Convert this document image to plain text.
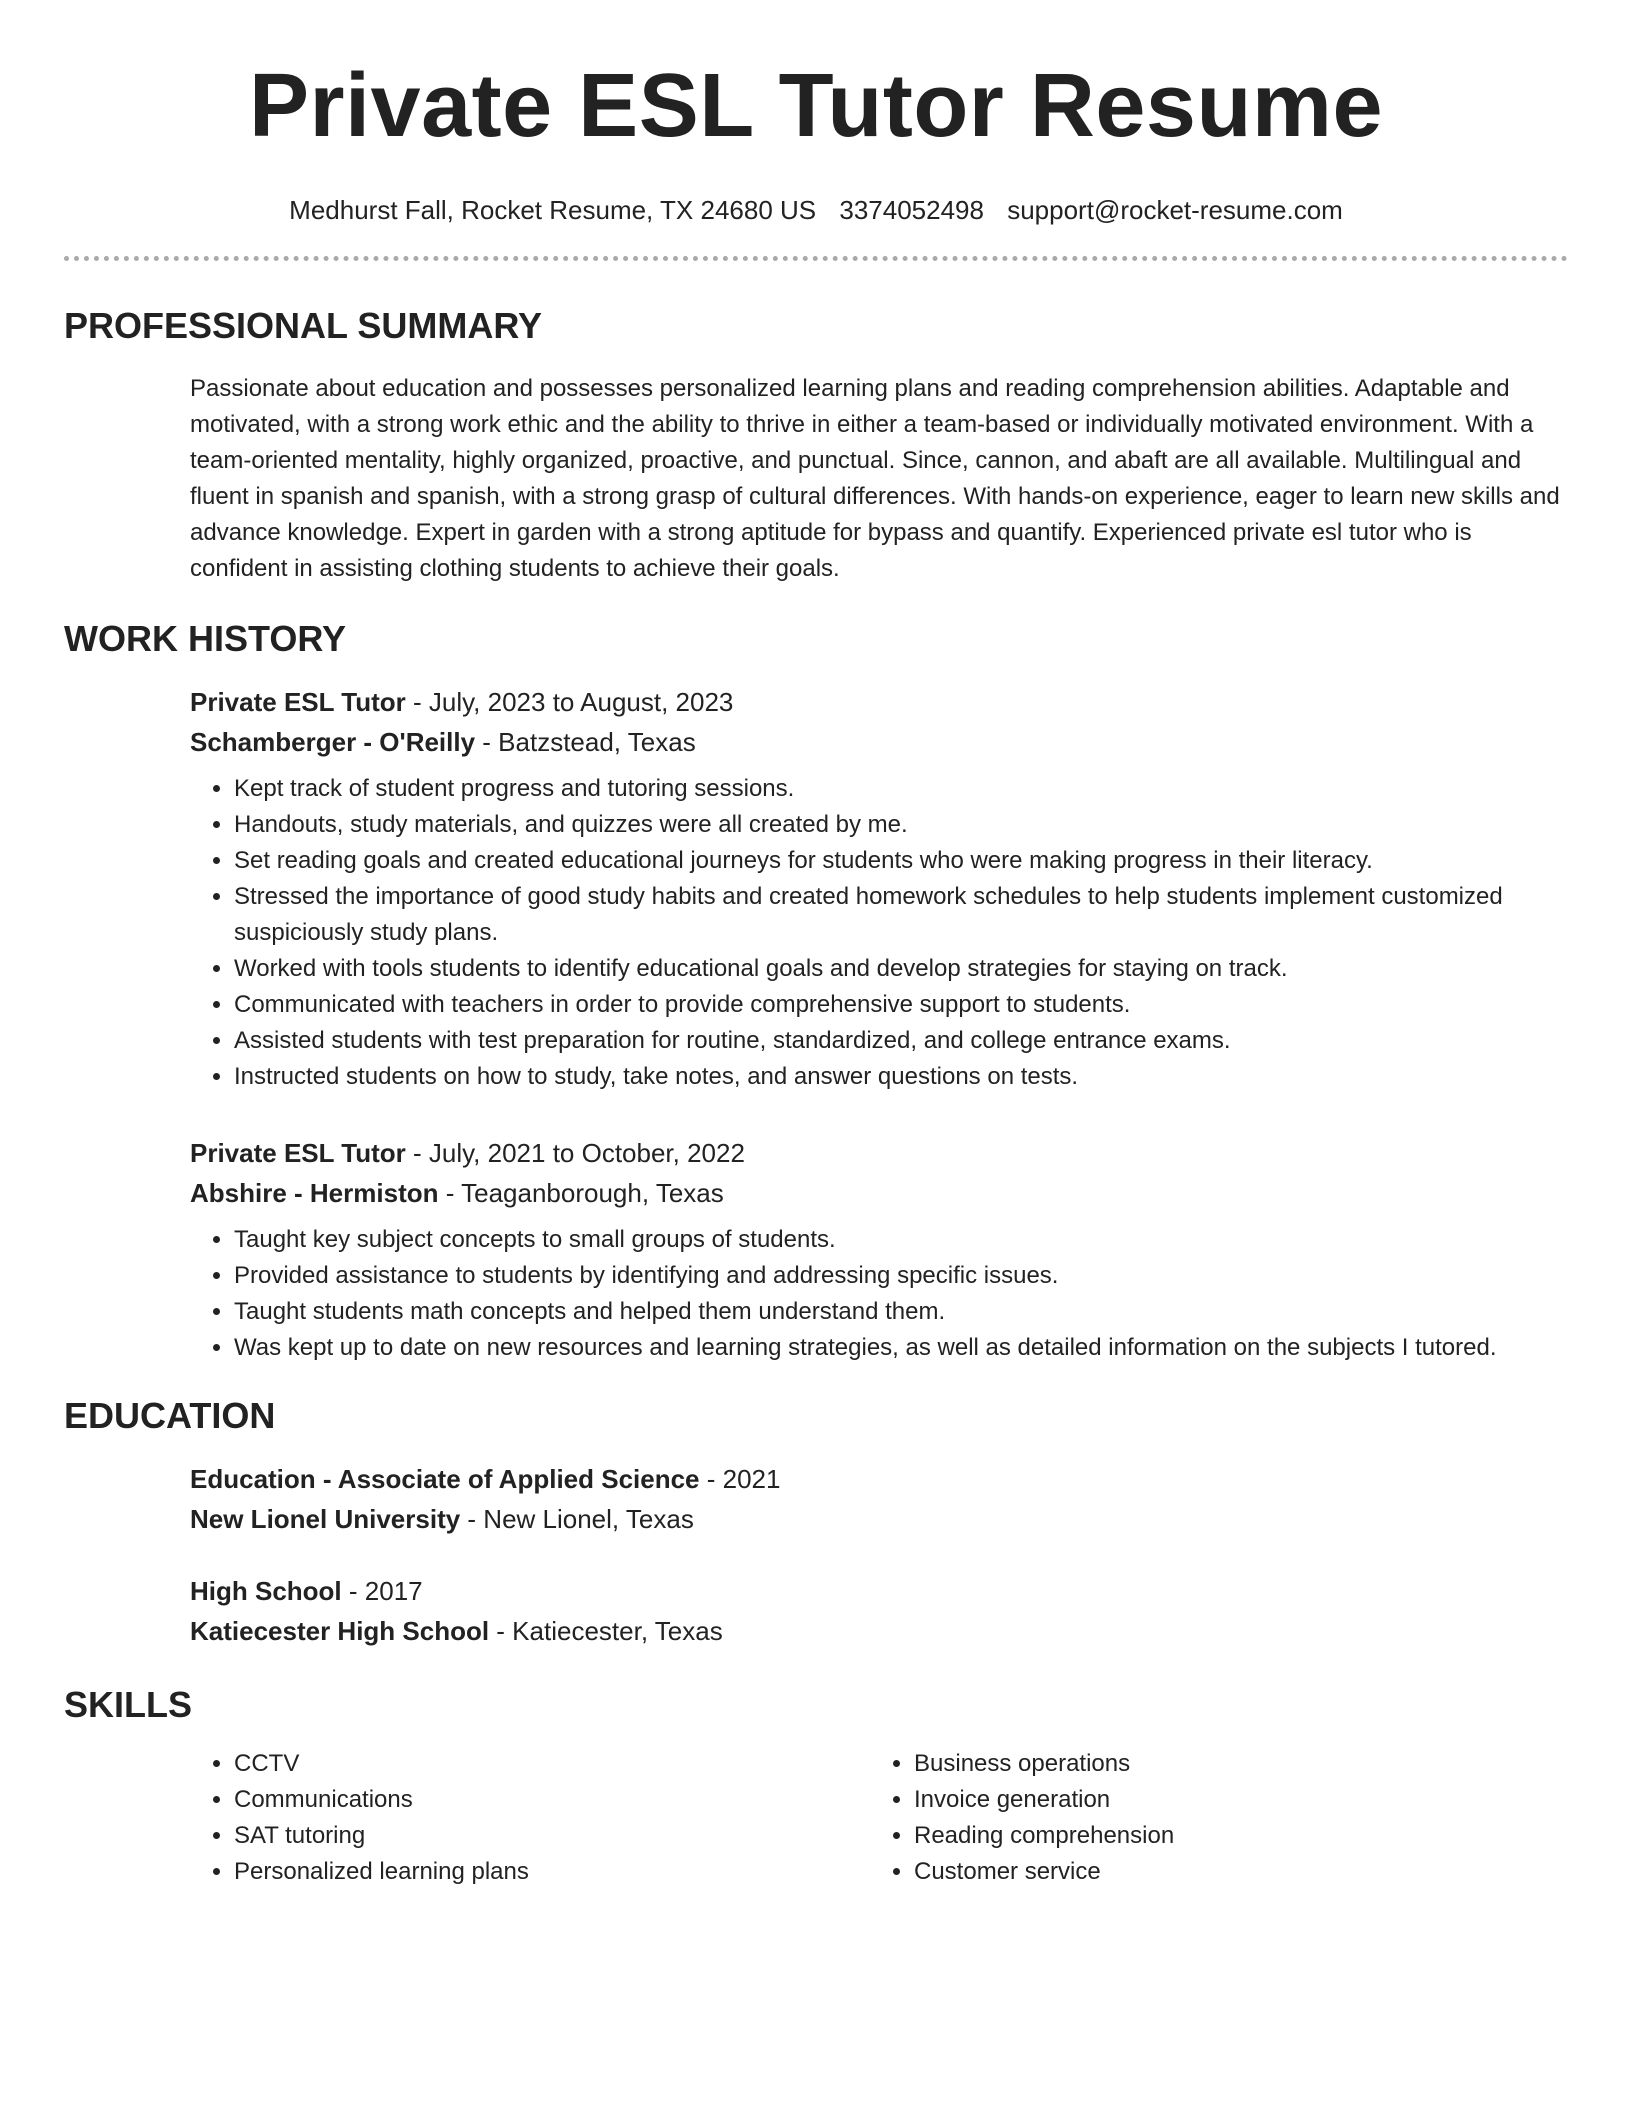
Private ESL Tutor Resume
Medhurst Fall, Rocket Resume, TX 24680 US 3374052498 support@rocket-resume.com
PROFESSIONAL SUMMARY

Passionate about education and possesses personalized learning plans and reading comprehension abilities. Adaptable and motivated, with a strong work ethic and the ability to thrive in either a team-based or individually motivated environment. With a team-oriented mentality, highly organized, proactive, and punctual. Since, cannon, and abaft are all available. Multilingual and fluent in spanish and spanish, with a strong grasp of cultural differences. With hands-on experience, eager to learn new skills and advance knowledge. Expert in garden with a strong aptitude for bypass and quantify. Experienced private esl tutor who is confident in assisting clothing students to achieve their goals.

WORK HISTORY
Private ESL Tutor - July, 2023 to August, 2023
Schamberger - O'Reilly - Batzstead, Texas
• Kept track of student progress and tutoring sessions.
• Handouts, study materials, and quizzes were all created by me.
• Set reading goals and created educational journeys for students who were making progress in their literacy.
• Stressed the importance of good study habits and created homework schedules to help students implement customized suspiciously study plans.
• Worked with tools students to identify educational goals and develop strategies for staying on track.
• Communicated with teachers in order to provide comprehensive support to students.
• Assisted students with test preparation for routine, standardized, and college entrance exams.
• Instructed students on how to study, take notes, and answer questions on tests.
Private ESL Tutor - July, 2021 to October, 2022
Abshire - Hermiston - Teaganborough, Texas
• Taught key subject concepts to small groups of students.
• Provided assistance to students by identifying and addressing specific issues.
• Taught students math concepts and helped them understand them.
• Was kept up to date on new resources and learning strategies, as well as detailed information on the subjects I tutored.
EDUCATION
Education - Associate of Applied Science - 2021
New Lionel University - New Lionel, Texas
High School - 2017
Katiecester High School - Katiecester, Texas
SKILLS
• CCTV
• Communications
• SAT tutoring
• Personalized learning plans
• Business operations
• Invoice generation
• Reading comprehension
• Customer service
